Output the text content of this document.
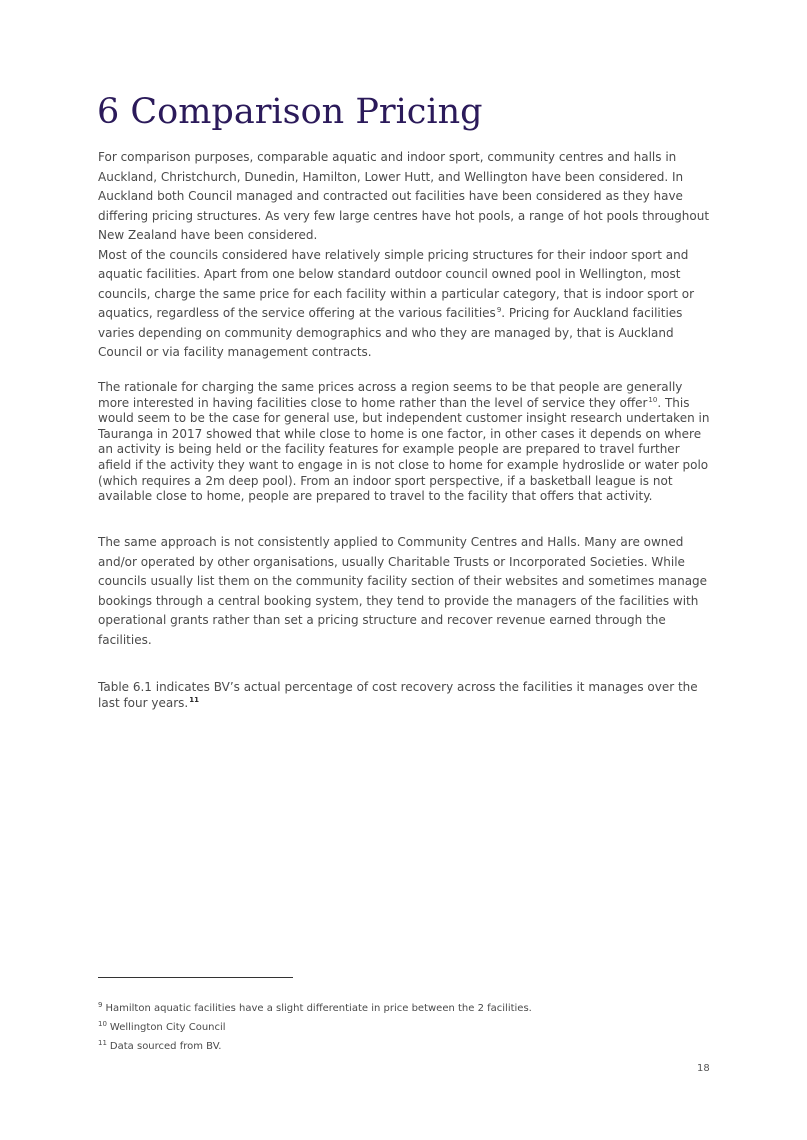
6 Comparison Pricing

For comparison purposes, comparable aquatic and indoor sport, community centres and halls in Auckland, Christchurch, Dunedin, Hamilton, Lower Hutt, and Wellington have been considered. In Auckland both Council managed and contracted out facilities have been considered as they have differing pricing structures. As very few large centres have hot pools, a range of hot pools throughout New Zealand have been considered.

Most of the councils considered have relatively simple pricing structures for their indoor sport and aquatic facilities. Apart from one below standard outdoor council owned pool in Wellington, most councils, charge the same price for each facility within a particular category, that is indoor sport or aquatics, regardless of the service offering at the various facilities$^9$. Pricing for Auckland facilities varies depending on community demographics and who they are managed by, that is Auckland Council or via facility management contracts.

The rationale for charging the same prices across a region seems to be that people are generally more interested in having facilities close to home rather than the level of service they offer$^{10}$. This would seem to be the case for general use, but independent customer insight research undertaken in Tauranga in 2017 showed that while close to home is one factor, in other cases it depends on where an activity is being held or the facility features for example people are prepared to travel further afield if the activity they want to engage in is not close to home for example hydroslide or water polo (which requires a 2m deep pool). From an indoor sport perspective, if a basketball league is not available close to home, people are prepared to travel to the facility that offers that activity.

The same approach is not consistently applied to Community Centres and Halls. Many are owned and/or operated by other organisations, usually Charitable Trusts or Incorporated Societies. While councils usually list them on the community facility section of their websites and sometimes manage bookings through a central booking system, they tend to provide the managers of the facilities with operational grants rather than set a pricing structure and recover revenue earned through the facilities.

Table 6.1 indicates BV’s actual percentage of cost recovery across the facilities it manages over the last four years.$^{11}$

$^9$ Hamilton aquatic facilities have a slight differentiate in price between the 2 facilities.

$^{10}$ Wellington City Council

$^{11}$ Data sourced from BV.

18
